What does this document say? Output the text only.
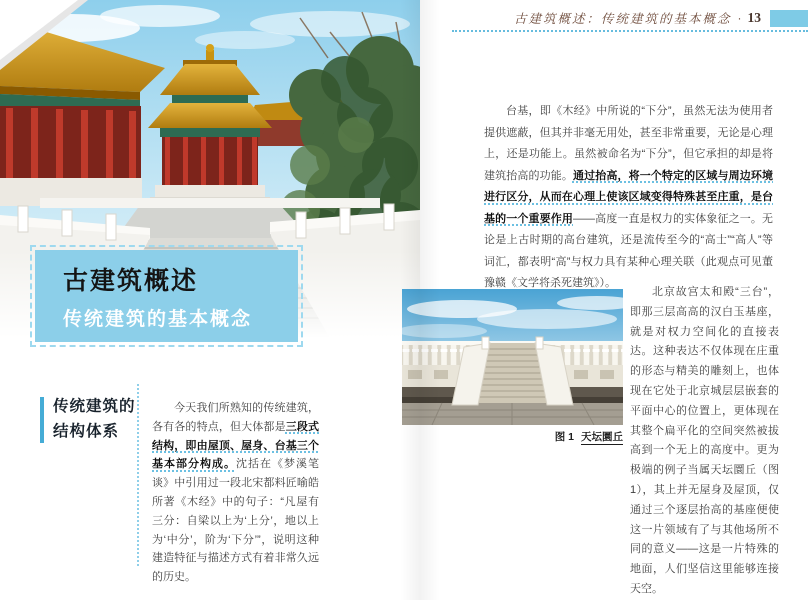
古建筑概述
传统建筑的基本概念
传统建筑的
结构体系
今天我们所熟知的传统建筑，各有各的特点，但大体都是三段式结构，即由屋顶、屋身、台基三个基本部分构成。沈括在《梦溪笔谈》中引用过一段北宋都料匠喻皓所著《木经》中的句子：“凡屋有三分：自梁以上为‘上分’，地以上为‘中分’，阶为‘下分’”，说明这种建造特征与描述方式有着非常久远的历史。
古建筑概述：传统建筑的基本概念 · 13
台基，即《木经》中所说的“下分”，虽然无法为使用者提供遮蔽，但其并非毫无用处，甚至非常重要，无论是心理上，还是功能上。虽然被命名为“下分”，但它承担的却是将建筑抬高的功能。通过抬高，将一个特定的区域与周边环境进行区分，从而在心理上使该区域变得特殊甚至庄重，是台基的一个重要作用——高度一直是权力的实体象征之一。无论是上古时期的高台建筑，还是流传至今的“高士”“高人”等词汇，都表明“高”与权力具有某种心理关联（此观点可见董豫赣《文学将杀死建筑》）。
图 1 天坛圜丘
北京故宫太和殿“三台”，即那三层高高的汉白玉基座，就是对权力空间化的直接表达。这种表达不仅体现在庄重的形态与精美的雕刻上，也体现在它处于北京城层层嵌套的平面中心的位置上，更体现在其整个扁平化的空间突然被拔高到一个无上的高度中。更为极端的例子当属天坛圜丘（图 1），其上并无屋身及屋顶，仅通过三个逐层抬高的基座便使这一片领域有了与其他场所不同的意义——这是一片特殊的地面，人们坚信这里能够连接天空。
